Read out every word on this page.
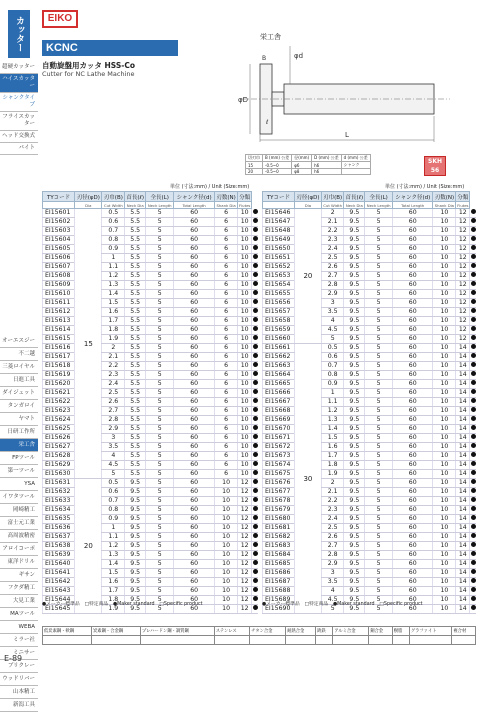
カッター
超硬カッター
ハイスカッター
シャンクタイプ
フライスカッター
ヘッド交換式
バイト
オーエスジー
不二越
三菱ロイヤル
日進工具
ダイジェット
タンガロイ
ヤマト
日研工作所
栄工舎
FPツール
第一ツール
YSA
イワタツール
岡崎精工
富士元工業
高周波精密
アロイコーポ
東洋ドリル
ギサン
フクダ精工
大見工業
MAツール
WEBA
ミラー社
ミニサー
ブリクレー
ウッドリバー
山本精工
新潟工具
E-89
EIKO
栄工舎
KCNC
自動旋盤用カッタ HSS-Co
Cutter for NC Lathe Machine
φd
φD
L
ℓ
B
切刃巾	B (mm) 公差	径(mm)	D (mm) 公差	d (mm) 公差
15	-0.5~0	φ6	h6	シャンク
20	-0.5~0	φ8	h6	
SKH
56
単位 (寸法:mm) / Unit (Size:mm)	単位 (寸法:mm) / Unit (Size:mm)
TYコード	刃径(φD)	刃巾(B)	首長(ℓ)	全長(L)	シャンク径(d)	刃数(N)	分類	
	Dia	Cut Width	Neck Dia	Neck Length	Total Length	Shank Dia	Flutes	
EI15601	15	0.5	5.5	5	60	6	10	
EI15602		0.6	5.5	5	60	6	10	
EI15603		0.7	5.5	5	60	6	10	
EI15604		0.8	5.5	5	60	6	10	
EI15605		0.9	5.5	5	60	6	10	
EI15606		1	5.5	5	60	6	10	
EI15607		1.1	5.5	5	60	6	10	
EI15608		1.2	5.5	5	60	6	10	
EI15609		1.3	5.5	5	60	6	10	
EI15610		1.4	5.5	5	60	6	10	
EI15611		1.5	5.5	5	60	6	10	
EI15612		1.6	5.5	5	60	6	10	
EI15613		1.7	5.5	5	60	6	10	
EI15614		1.8	5.5	5	60	6	10	
EI15615		1.9	5.5	5	60	6	10	
EI15616		2	5.5	5	60	6	10	
EI15617		2.1	5.5	5	60	6	10	
EI15618		2.2	5.5	5	60	6	10	
EI15619		2.3	5.5	5	60	6	10	
EI15620		2.4	5.5	5	60	6	10	
EI15621		2.5	5.5	5	60	6	10	
EI15622		2.6	5.5	5	60	6	10	
EI15623		2.7	5.5	5	60	6	10	
EI15624		2.8	5.5	5	60	6	10	
EI15625		2.9	5.5	5	60	6	10	
EI15626		3	5.5	5	60	6	10	
EI15627		3.5	5.5	5	60	6	10	
EI15628		4	5.5	5	60	6	10	
EI15629		4.5	5.5	5	60	6	10	
EI15630		5	5.5	5	60	6	10	
EI15631	20	0.5	9.5	5	60	10	12	
EI15632		0.6	9.5	5	60	10	12	
EI15633		0.7	9.5	5	60	10	12	
EI15634		0.8	9.5	5	60	10	12	
EI15635		0.9	9.5	5	60	10	12	
EI15636		1	9.5	5	60	10	12	
EI15637		1.1	9.5	5	60	10	12	
EI15638		1.2	9.5	5	60	10	12	
EI15639		1.3	9.5	5	60	10	12	
EI15640		1.4	9.5	5	60	10	12	
EI15641		1.5	9.5	5	60	10	12	
EI15642		1.6	9.5	5	60	10	12	
EI15643		1.7	9.5	5	60	10	12	
EI15644		1.8	9.5	5	60	10	12	
EI15645		1.9	9.5	5	60	10	12	
TYコード	刃径(φD)	刃巾(B)	首長(ℓ)	全長(L)	シャンク径(d)	刃数(N)	分類	
	Dia	Cut Width	Neck Dia	Neck Length	Total Length	Shank Dia	Flutes	
EI15646	20	2	9.5	5	60	10	12	
EI15647		2.1	9.5	5	60	10	12	
EI15648		2.2	9.5	5	60	10	12	
EI15649		2.3	9.5	5	60	10	12	
EI15650		2.4	9.5	5	60	10	12	
EI15651		2.5	9.5	5	60	10	12	
EI15652		2.6	9.5	5	60	10	12	
EI15653		2.7	9.5	5	60	10	12	
EI15654		2.8	9.5	5	60	10	12	
EI15655		2.9	9.5	5	60	10	12	
EI15656		3	9.5	5	60	10	12	
EI15657		3.5	9.5	5	60	10	12	
EI15658		4	9.5	5	60	10	12	
EI15659		4.5	9.5	5	60	10	12	
EI15660		5	9.5	5	60	10	12	
EI15661	30	0.5	9.5	5	60	10	14	
EI15662		0.6	9.5	5	60	10	14	
EI15663		0.7	9.5	5	60	10	14	
EI15664		0.8	9.5	5	60	10	14	
EI15665		0.9	9.5	5	60	10	14	
EI15666		1	9.5	5	60	10	14	
EI15667		1.1	9.5	5	60	10	14	
EI15668		1.2	9.5	5	60	10	14	
EI15669		1.3	9.5	5	60	10	14	
EI15670		1.4	9.5	5	60	10	14	
EI15671		1.5	9.5	5	60	10	14	
EI15672		1.6	9.5	5	60	10	14	
EI15673		1.7	9.5	5	60	10	14	
EI15674		1.8	9.5	5	60	10	14	
EI15675		1.9	9.5	5	60	10	14	
EI15676		2	9.5	5	60	10	14	
EI15677		2.1	9.5	5	60	10	14	
EI15678		2.2	9.5	5	60	10	14	
EI15679		2.3	9.5	5	60	10	14	
EI15680		2.4	9.5	5	60	10	14	
EI15681		2.5	9.5	5	60	10	14	
EI15682		2.6	9.5	5	60	10	14	
EI15683		2.7	9.5	5	60	10	14	
EI15684		2.8	9.5	5	60	10	14	
EI15685		2.9	9.5	5	60	10	14	
EI15686		3	9.5	5	60	10	14	
EI15687		3.5	9.5	5	60	10	14	
EI15688		4	9.5	5	60	10	14	
EI15689		4.5	9.5	5	60	10	14	
EI15690		5	9.5	5	60	10	14	
●メーカー標準品　□特定商品　●Maker standard　□Specific product	●メーカー標準品　□特定商品　●Maker standard　□Specific product
低炭素鋼・軟鋼	炭素鋼・合金鋼	プレハードン鋼・調質鋼	ステンレス	チタン合金	耐熱合金	鋳鉄	アルミ合金	銅合金	樹脂	グラファイト	複合材
